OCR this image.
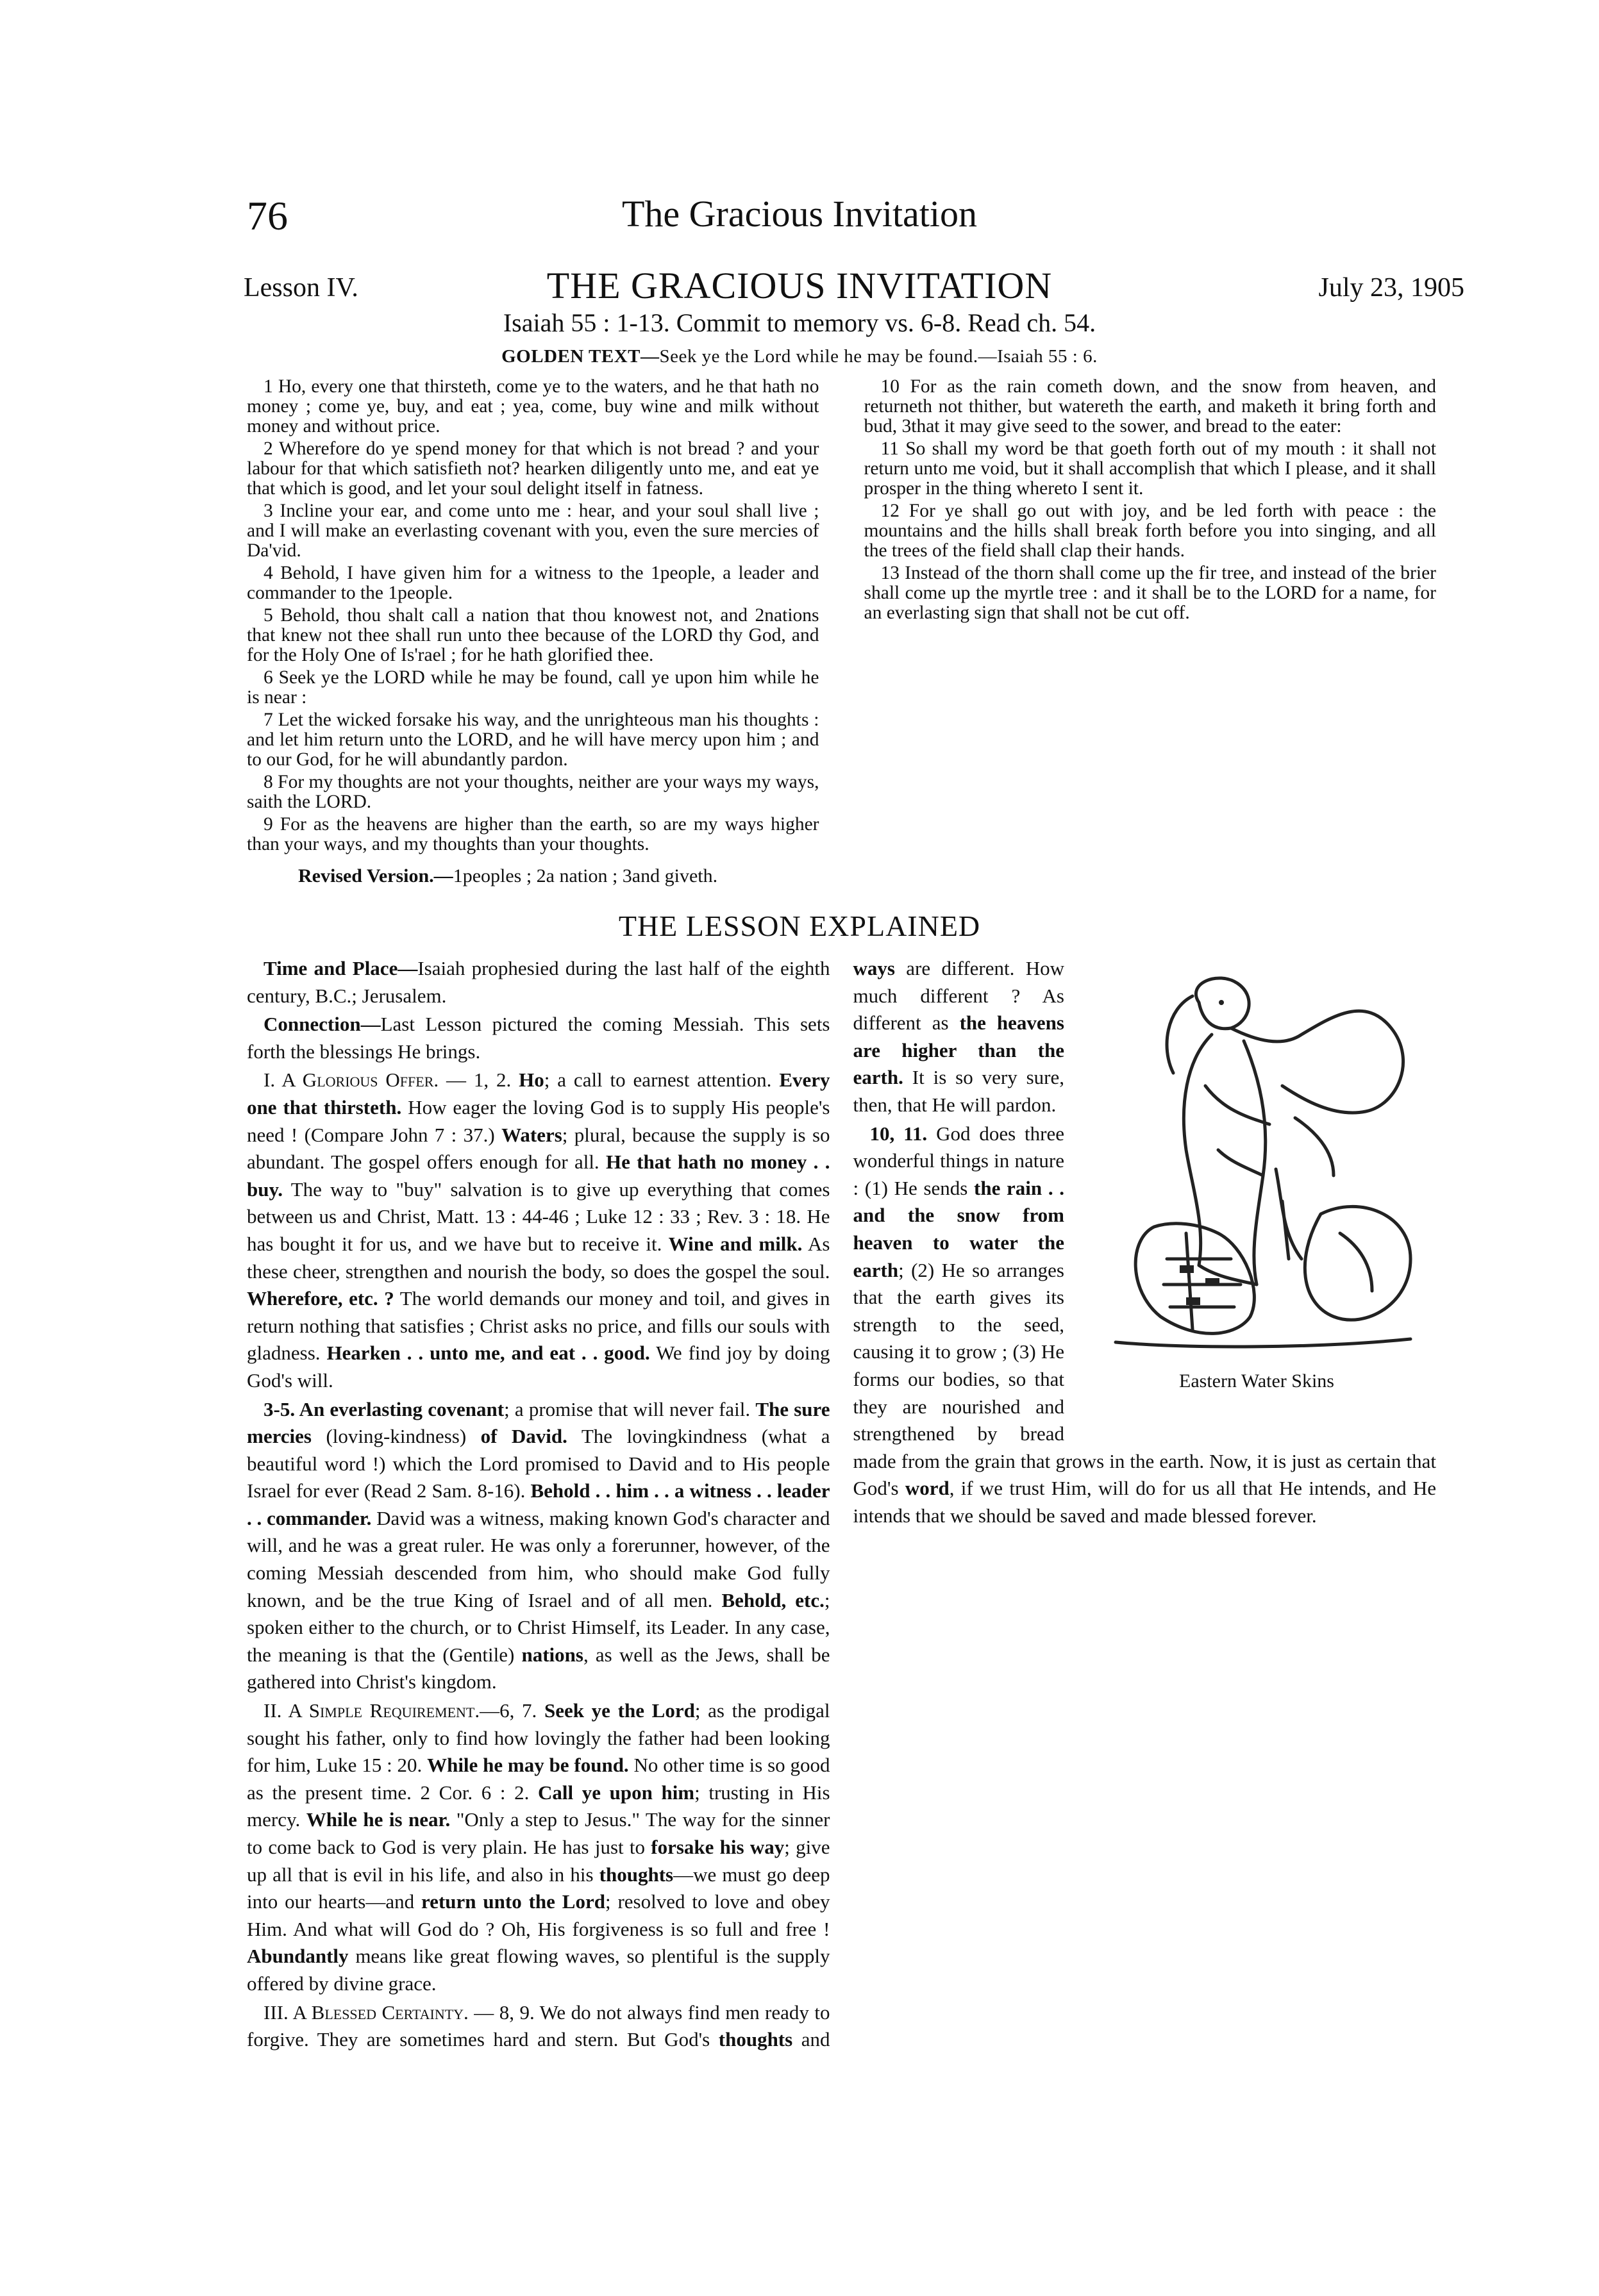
76	The Gracious Invitation
Lesson IV.	THE GRACIOUS INVITATION	July 23, 1905
Isaiah 55 : 1-13. Commit to memory vs. 6-8. Read ch. 54.
GOLDEN TEXT—Seek ye the Lord while he may be found.—Isaiah 55 : 6.

1 Ho, every one that thirsteth, come ye to the waters, and he that hath no money ; come ye, buy, and eat ; yea, come, buy wine and milk without money and without price.

2 Wherefore do ye spend money for that which is not bread ? and your labour for that which satisfieth not? hearken diligently unto me, and eat ye that which is good, and let your soul delight itself in fatness.

3 Incline your ear, and come unto me : hear, and your soul shall live ; and I will make an everlasting covenant with you, even the sure mercies of Da'vid.

4 Behold, I have given him for a witness to the 1people, a leader and commander to the 1people.

5 Behold, thou shalt call a nation that thou knowest not, and 2nations that knew not thee shall run unto thee because of the LORD thy God, and for the Holy One of Is'rael ; for he hath glorified thee.

6 Seek ye the LORD while he may be found, call ye upon him while he is near :

7 Let the wicked forsake his way, and the unrighteous man his thoughts : and let him return unto the LORD, and he will have mercy upon him ; and to our God, for he will abundantly pardon.

8 For my thoughts are not your thoughts, neither are your ways my ways, saith the LORD.

9 For as the heavens are higher than the earth, so are my ways higher than your ways, and my thoughts than your thoughts.

10 For as the rain cometh down, and the snow from heaven, and returneth not thither, but watereth the earth, and maketh it bring forth and bud, 3that it may give seed to the sower, and bread to the eater:

11 So shall my word be that goeth forth out of my mouth : it shall not return unto me void, but it shall accomplish that which I please, and it shall prosper in the thing whereto I sent it.

12 For ye shall go out with joy, and be led forth with peace : the mountains and the hills shall break forth before you into singing, and all the trees of the field shall clap their hands.

13 Instead of the thorn shall come up the fir tree, and instead of the brier shall come up the myrtle tree : and it shall be to the LORD for a name, for an everlasting sign that shall not be cut off.

Revised Version.—1peoples ; 2a nation ; 3and giveth.
THE LESSON EXPLAINED

Time and Place—Isaiah prophesied during the last half of the eighth century, B.C.; Jerusalem.

Connection—Last Lesson pictured the coming Messiah. This sets forth the blessings He brings.

I. A Glorious Offer. — 1, 2. Ho; a call to earnest attention. Every one that thirsteth. How eager the loving God is to supply His people's need ! (Compare John 7 : 37.) Waters; plural, because the supply is so abundant. The gospel offers enough for all. He that hath no money . . buy. The way to "buy" salvation is to give up everything that comes between us and Christ, Matt. 13 : 44-46 ; Luke 12 : 33 ; Rev. 3 : 18. He has bought it for us, and we have but to receive it. Wine and milk. As these cheer, strengthen and nourish the body, so does the gospel the soul. Wherefore, etc. ? The world demands our money and toil, and gives in return nothing that satisfies ; Christ asks no price, and fills our souls with gladness. Hearken . . unto me, and eat . . good. We find joy by doing God's will.

3-5. An everlasting covenant; a promise that will never fail. The sure mercies (loving-kindness) of David. The lovingkindness (what a beautiful word !) which the Lord promised to David and to His people Israel for ever (Read 2 Sam. 8-16). Behold . . him . . a witness . . leader . . commander. David was a witness, making known God's character and will, and he was a great ruler. He was only a forerunner, however, of the coming Messiah descended from him, who should make God fully known, and be the true King of Israel and of all men. Behold, etc.; spoken either to the church, or to Christ Himself, its Leader. In any case, the meaning is that the (Gentile) nations, as well as the Jews, shall be gathered into Christ's kingdom.

II. A Simple Requirement.—6, 7. Seek ye the Lord; as the prodigal sought his father, only to find how lovingly the father had been looking for him, Luke 15 : 20. While he may be found. No other time is so good as the present time. 2 Cor. 6 : 2. Call ye upon him; trusting in His mercy. While he is near. "Only a step to Jesus." The way for the sinner to come back to God is very plain. He has just to forsake his way; give up all that is evil in his life, and also in his thoughts—we must go deep into our hearts—and return unto the Lord; resolved to love and obey Him. And what will God do ? Oh, His forgiveness is so full and free ! Abundantly means like great flowing waves, so plentiful is the supply offered by divine grace.

Eastern Water Skins

III. A Blessed Certainty. — 8, 9. We do not always find men ready to forgive. They are sometimes hard and stern. But God's thoughts and ways are different. How much different ? As different as the heavens are higher than the earth. It is so very sure, then, that He will pardon.

10, 11. God does three wonderful things in nature : (1) He sends the rain . . and the snow from heaven to water the earth; (2) He so arranges that the earth gives its strength to the seed, causing it to grow ; (3) He forms our bodies, so that they are nourished and strengthened by bread made from the grain that grows in the earth. Now, it is just as certain that God's word, if we trust Him, will do for us all that He intends, and He intends that we should be saved and made blessed forever.
